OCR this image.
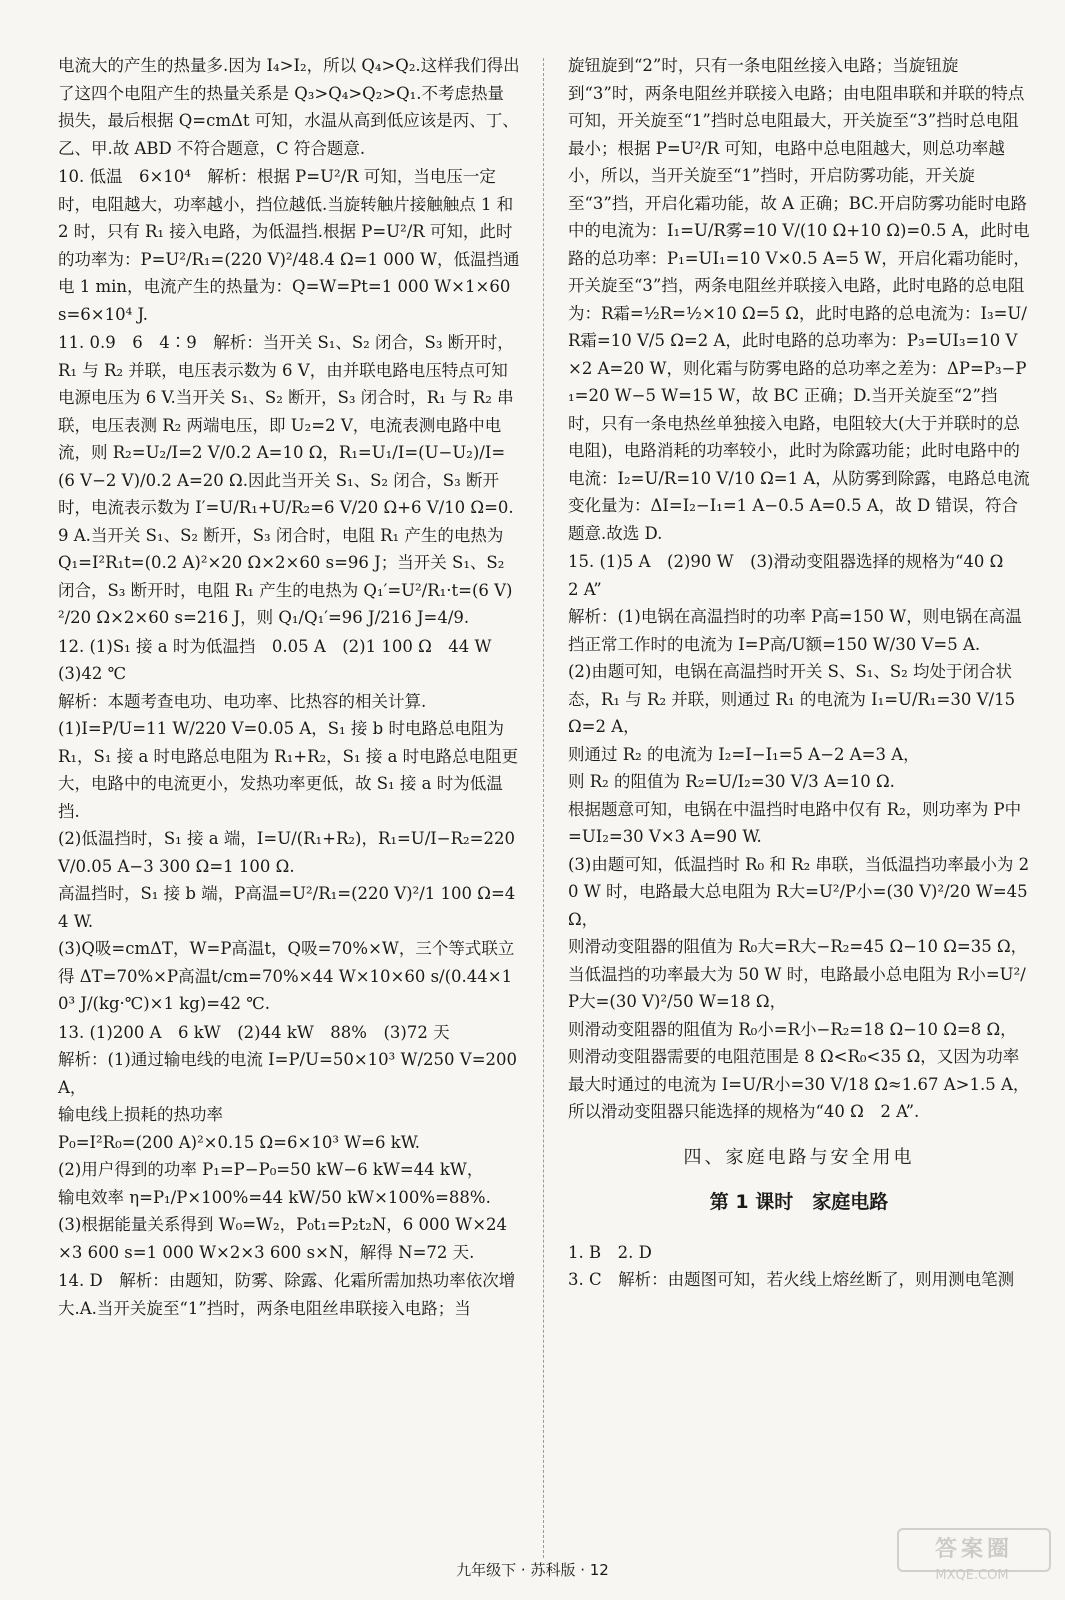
电流大的产生的热量多.因为 I₄>I₂，所以 Q₄>Q₂.这样我们得出了这四个电阻产生的热量关系是 Q₃>Q₄>Q₂>Q₁.不考虑热量损失，最后根据 Q=cmΔt 可知，水温从高到低应该是丙、丁、乙、甲.故 ABD 不符合题意，C 符合题意.

10. 低温　6×10⁴　解析：根据 P=U²/R 可知，当电压一定时，电阻越大，功率越小，挡位越低.当旋转触片接触触点 1 和 2 时，只有 R₁ 接入电路，为低温挡.根据 P=U²/R 可知，此时的功率为：P=U²/R₁=(220 V)²/48.4 Ω=1 000 W，低温挡通电 1 min，电流产生的热量为：Q=W=Pt=1 000 W×1×60 s=6×10⁴ J.

11. 0.9　6　4∶9　解析：当开关 S₁、S₂ 闭合，S₃ 断开时，R₁ 与 R₂ 并联，电压表示数为 6 V，由并联电路电压特点可知电源电压为 6 V.当开关 S₁、S₂ 断开，S₃ 闭合时，R₁ 与 R₂ 串联，电压表测 R₂ 两端电压，即 U₂=2 V，电流表测电路中电流，则 R₂=U₂/I=2 V/0.2 A=10 Ω，R₁=U₁/I=(U−U₂)/I=(6 V−2 V)/0.2 A=20 Ω.因此当开关 S₁、S₂ 闭合，S₃ 断开时，电流表示数为 I′=U/R₁+U/R₂=6 V/20 Ω+6 V/10 Ω=0.9 A.当开关 S₁、S₂ 断开，S₃ 闭合时，电阻 R₁ 产生的电热为 Q₁=I²R₁t=(0.2 A)²×20 Ω×2×60 s=96 J；当开关 S₁、S₂ 闭合，S₃ 断开时，电阻 R₁ 产生的电热为 Q₁′=U²/R₁·t=(6 V)²/20 Ω×2×60 s=216 J，则 Q₁/Q₁′=96 J/216 J=4/9.

12. (1)S₁ 接 a 时为低温挡　0.05 A　(2)1 100 Ω　44 W

(3)42 ℃

解析：本题考查电功、电功率、比热容的相关计算.

(1)I=P/U=11 W/220 V=0.05 A，S₁ 接 b 时电路总电阻为 R₁，S₁ 接 a 时电路总电阻为 R₁+R₂，S₁ 接 a 时电路总电阻更大，电路中的电流更小，发热功率更低，故 S₁ 接 a 时为低温挡.

(2)低温挡时，S₁ 接 a 端，I=U/(R₁+R₂)，R₁=U/I−R₂=220 V/0.05 A−3 300 Ω=1 100 Ω.

高温挡时，S₁ 接 b 端，P高温=U²/R₁=(220 V)²/1 100 Ω=44 W.

(3)Q吸=cmΔT，W=P高温t，Q吸=70%×W，三个等式联立得 ΔT=70%×P高温t/cm=70%×44 W×10×60 s/(0.44×10³ J/(kg·℃)×1 kg)=42 ℃.

13. (1)200 A　6 kW　(2)44 kW　88%　(3)72 天

解析：(1)通过输电线的电流 I=P/U=50×10³ W/250 V=200 A，

输电线上损耗的热功率

P₀=I²R₀=(200 A)²×0.15 Ω=6×10³ W=6 kW.

(2)用户得到的功率 P₁=P−P₀=50 kW−6 kW=44 kW，

输电效率 η=P₁/P×100%=44 kW/50 kW×100%=88%.

(3)根据能量关系得到 W₀=W₂，P₀t₁=P₂t₂N，6 000 W×24×3 600 s=1 000 W×2×3 600 s×N，解得 N=72 天.

14. D　解析：由题知，防雾、除露、化霜所需加热功率依次增大.A.当开关旋至“1”挡时，两条电阻丝串联接入电路；当

旋钮旋到“2”时，只有一条电阻丝接入电路；当旋钮旋到“3”时，两条电阻丝并联接入电路；由电阻串联和并联的特点可知，开关旋至“1”挡时总电阻最大，开关旋至“3”挡时总电阻最小；根据 P=U²/R 可知，电路中总电阻越大，则总功率越小，所以，当开关旋至“1”挡时，开启防雾功能，开关旋至“3”挡，开启化霜功能，故 A 正确；BC.开启防雾功能时电路中的电流为：I₁=U/R雾=10 V/(10 Ω+10 Ω)=0.5 A，此时电路的总功率：P₁=UI₁=10 V×0.5 A=5 W，开启化霜功能时，开关旋至“3”挡，两条电阻丝并联接入电路，此时电路的总电阻为：R霜=½R=½×10 Ω=5 Ω，此时电路的总电流为：I₃=U/R霜=10 V/5 Ω=2 A，此时电路的总功率为：P₃=UI₃=10 V×2 A=20 W，则化霜与防雾电路的总功率之差为：ΔP=P₃−P₁=20 W−5 W=15 W，故 BC 正确；D.当开关旋至“2”挡时，只有一条电热丝单独接入电路，电阻较大(大于并联时的总电阻)，电路消耗的功率较小，此时为除露功能；此时电路中的电流：I₂=U/R=10 V/10 Ω=1 A，从防雾到除露，电路总电流变化量为：ΔI=I₂−I₁=1 A−0.5 A=0.5 A，故 D 错误，符合题意.故选 D.

15. (1)5 A　(2)90 W　(3)滑动变阻器选择的规格为“40 Ω　2 A”

解析：(1)电锅在高温挡时的功率 P高=150 W，则电锅在高温挡正常工作时的电流为 I=P高/U额=150 W/30 V=5 A.

(2)由题可知，电锅在高温挡时开关 S、S₁、S₂ 均处于闭合状态，R₁ 与 R₂ 并联，则通过 R₁ 的电流为 I₁=U/R₁=30 V/15 Ω=2 A，

则通过 R₂ 的电流为 I₂=I−I₁=5 A−2 A=3 A，

则 R₂ 的阻值为 R₂=U/I₂=30 V/3 A=10 Ω.

根据题意可知，电锅在中温挡时电路中仅有 R₂，则功率为 P中=UI₂=30 V×3 A=90 W.

(3)由题可知，低温挡时 R₀ 和 R₂ 串联，当低温挡功率最小为 20 W 时，电路最大总电阻为 R大=U²/P小=(30 V)²/20 W=45 Ω，

则滑动变阻器的阻值为 R₀大=R大−R₂=45 Ω−10 Ω=35 Ω，

当低温挡的功率最大为 50 W 时，电路最小总电阻为 R小=U²/P大=(30 V)²/50 W=18 Ω，

则滑动变阻器的阻值为 R₀小=R小−R₂=18 Ω−10 Ω=8 Ω，

则滑动变阻器需要的电阻范围是 8 Ω<R₀<35 Ω，又因为功率最大时通过的电流为 I=U/R小=30 V/18 Ω≈1.67 A>1.5 A，

所以滑动变阻器只能选择的规格为“40 Ω　2 A”.

四、家庭电路与安全用电
第 1 课时　家庭电路

1. B　2. D

3. C　解析：由题图可知，若火线上熔丝断了，则用测电笔测

九年级下 · 苏科版 · 12
答案圈
MXQE.COM
